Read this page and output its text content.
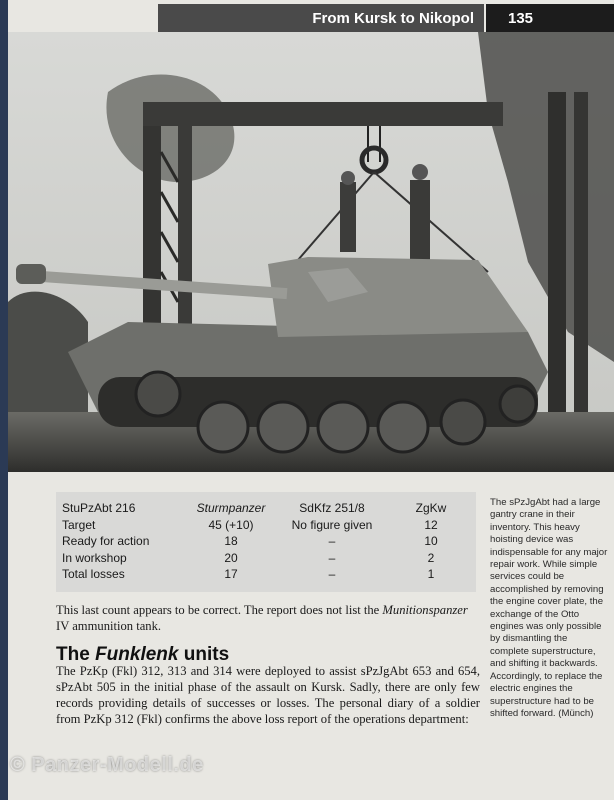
From Kursk to Nikopol	135
StuPzAbt 216	Sturmpanzer	SdKfz 251/8	ZgKw
Target	45 (+10)	No figure given	12
Ready for action	18	–	10
In workshop	20	–	2
Total losses	17	–	1
The sPzJgAbt had a large gantry crane in their inventory. This heavy hoisting device was indispensable for any major repair work. While simple services could be accomplished by removing the engine cover plate, the exchange of the Otto engines was only possible by dismantling the complete superstructure, and shifting it backwards. Accordingly, to replace the electric engines the superstructure had to be shifted forward. (Münch)
This last count appears to be correct. The report does not list the Munitionspanzer IV ammunition tank.
The Funklenk units
The PzKp (Fkl) 312, 313 and 314 were deployed to assist sPzJgAbt 653 and 654, sPzAbt 505 in the initial phase of the assault on Kursk. Sadly, there are only few records providing details of successes or losses. The personal diary of a soldier from PzKp 312 (Fkl) confirms the above loss report of the operations department:
© Panzer-Modell.de
